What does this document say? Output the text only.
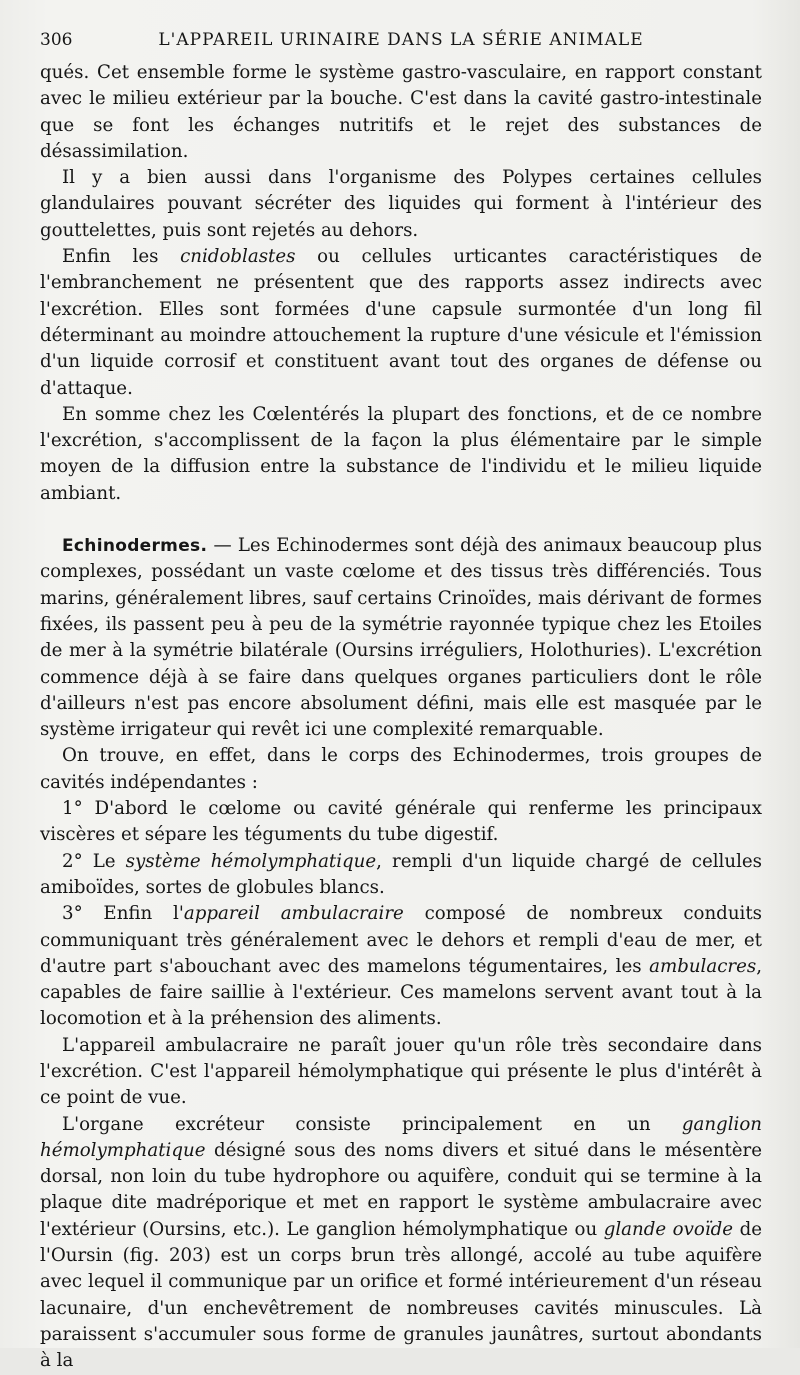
306	L'APPAREIL URINAIRE DANS LA SÉRIE ANIMALE

qués. Cet ensemble forme le système gastro-vasculaire, en rapport constant avec le milieu extérieur par la bouche. C'est dans la cavité gastro-intestinale que se font les échanges nutritifs et le rejet des substances de désassimilation.

Il y a bien aussi dans l'organisme des Polypes certaines cellules glandulaires pouvant sécréter des liquides qui forment à l'intérieur des gouttelettes, puis sont rejetés au dehors.

Enfin les cnidoblastes ou cellules urticantes caractéristiques de l'embranchement ne présentent que des rapports assez indirects avec l'excrétion. Elles sont formées d'une capsule surmontée d'un long fil déterminant au moindre attouchement la rupture d'une vésicule et l'émission d'un liquide corrosif et constituent avant tout des organes de défense ou d'attaque.

En somme chez les Cœlentérés la plupart des fonctions, et de ce nombre l'excrétion, s'accomplissent de la façon la plus élémentaire par le simple moyen de la diffusion entre la substance de l'individu et le milieu liquide ambiant.

Echinodermes. — Les Echinodermes sont déjà des animaux beaucoup plus complexes, possédant un vaste cœlome et des tissus très différenciés. Tous marins, généralement libres, sauf certains Crinoïdes, mais dérivant de formes fixées, ils passent peu à peu de la symétrie rayonnée typique chez les Etoiles de mer à la symétrie bilatérale (Oursins irréguliers, Holothuries). L'excrétion commence déjà à se faire dans quelques organes particuliers dont le rôle d'ailleurs n'est pas encore absolument défini, mais elle est masquée par le système irrigateur qui revêt ici une complexité remarquable.

On trouve, en effet, dans le corps des Echinodermes, trois groupes de cavités indépendantes :

1° D'abord le cœlome ou cavité générale qui renferme les principaux viscères et sépare les téguments du tube digestif.

2° Le système hémolymphatique, rempli d'un liquide chargé de cellules amiboïdes, sortes de globules blancs.

3° Enfin l'appareil ambulacraire composé de nombreux conduits communiquant très généralement avec le dehors et rempli d'eau de mer, et d'autre part s'abouchant avec des mamelons tégumentaires, les ambulacres, capables de faire saillie à l'extérieur. Ces mamelons servent avant tout à la locomotion et à la préhension des aliments.

L'appareil ambulacraire ne paraît jouer qu'un rôle très secondaire dans l'excrétion. C'est l'appareil hémolymphatique qui présente le plus d'intérêt à ce point de vue.

L'organe excréteur consiste principalement en un ganglion hémolymphatique désigné sous des noms divers et situé dans le mésentère dorsal, non loin du tube hydrophore ou aquifère, conduit qui se termine à la plaque dite madréporique et met en rapport le système ambulacraire avec l'extérieur (Oursins, etc.). Le ganglion hémolymphatique ou glande ovoïde de l'Oursin (fig. 203) est un corps brun très allongé, accolé au tube aquifère avec lequel il communique par un orifice et formé intérieurement d'un réseau lacunaire, d'un enchevêtrement de nombreuses cavités minuscules. Là paraissent s'accumuler sous forme de granules jaunâtres, surtout abondants à la
